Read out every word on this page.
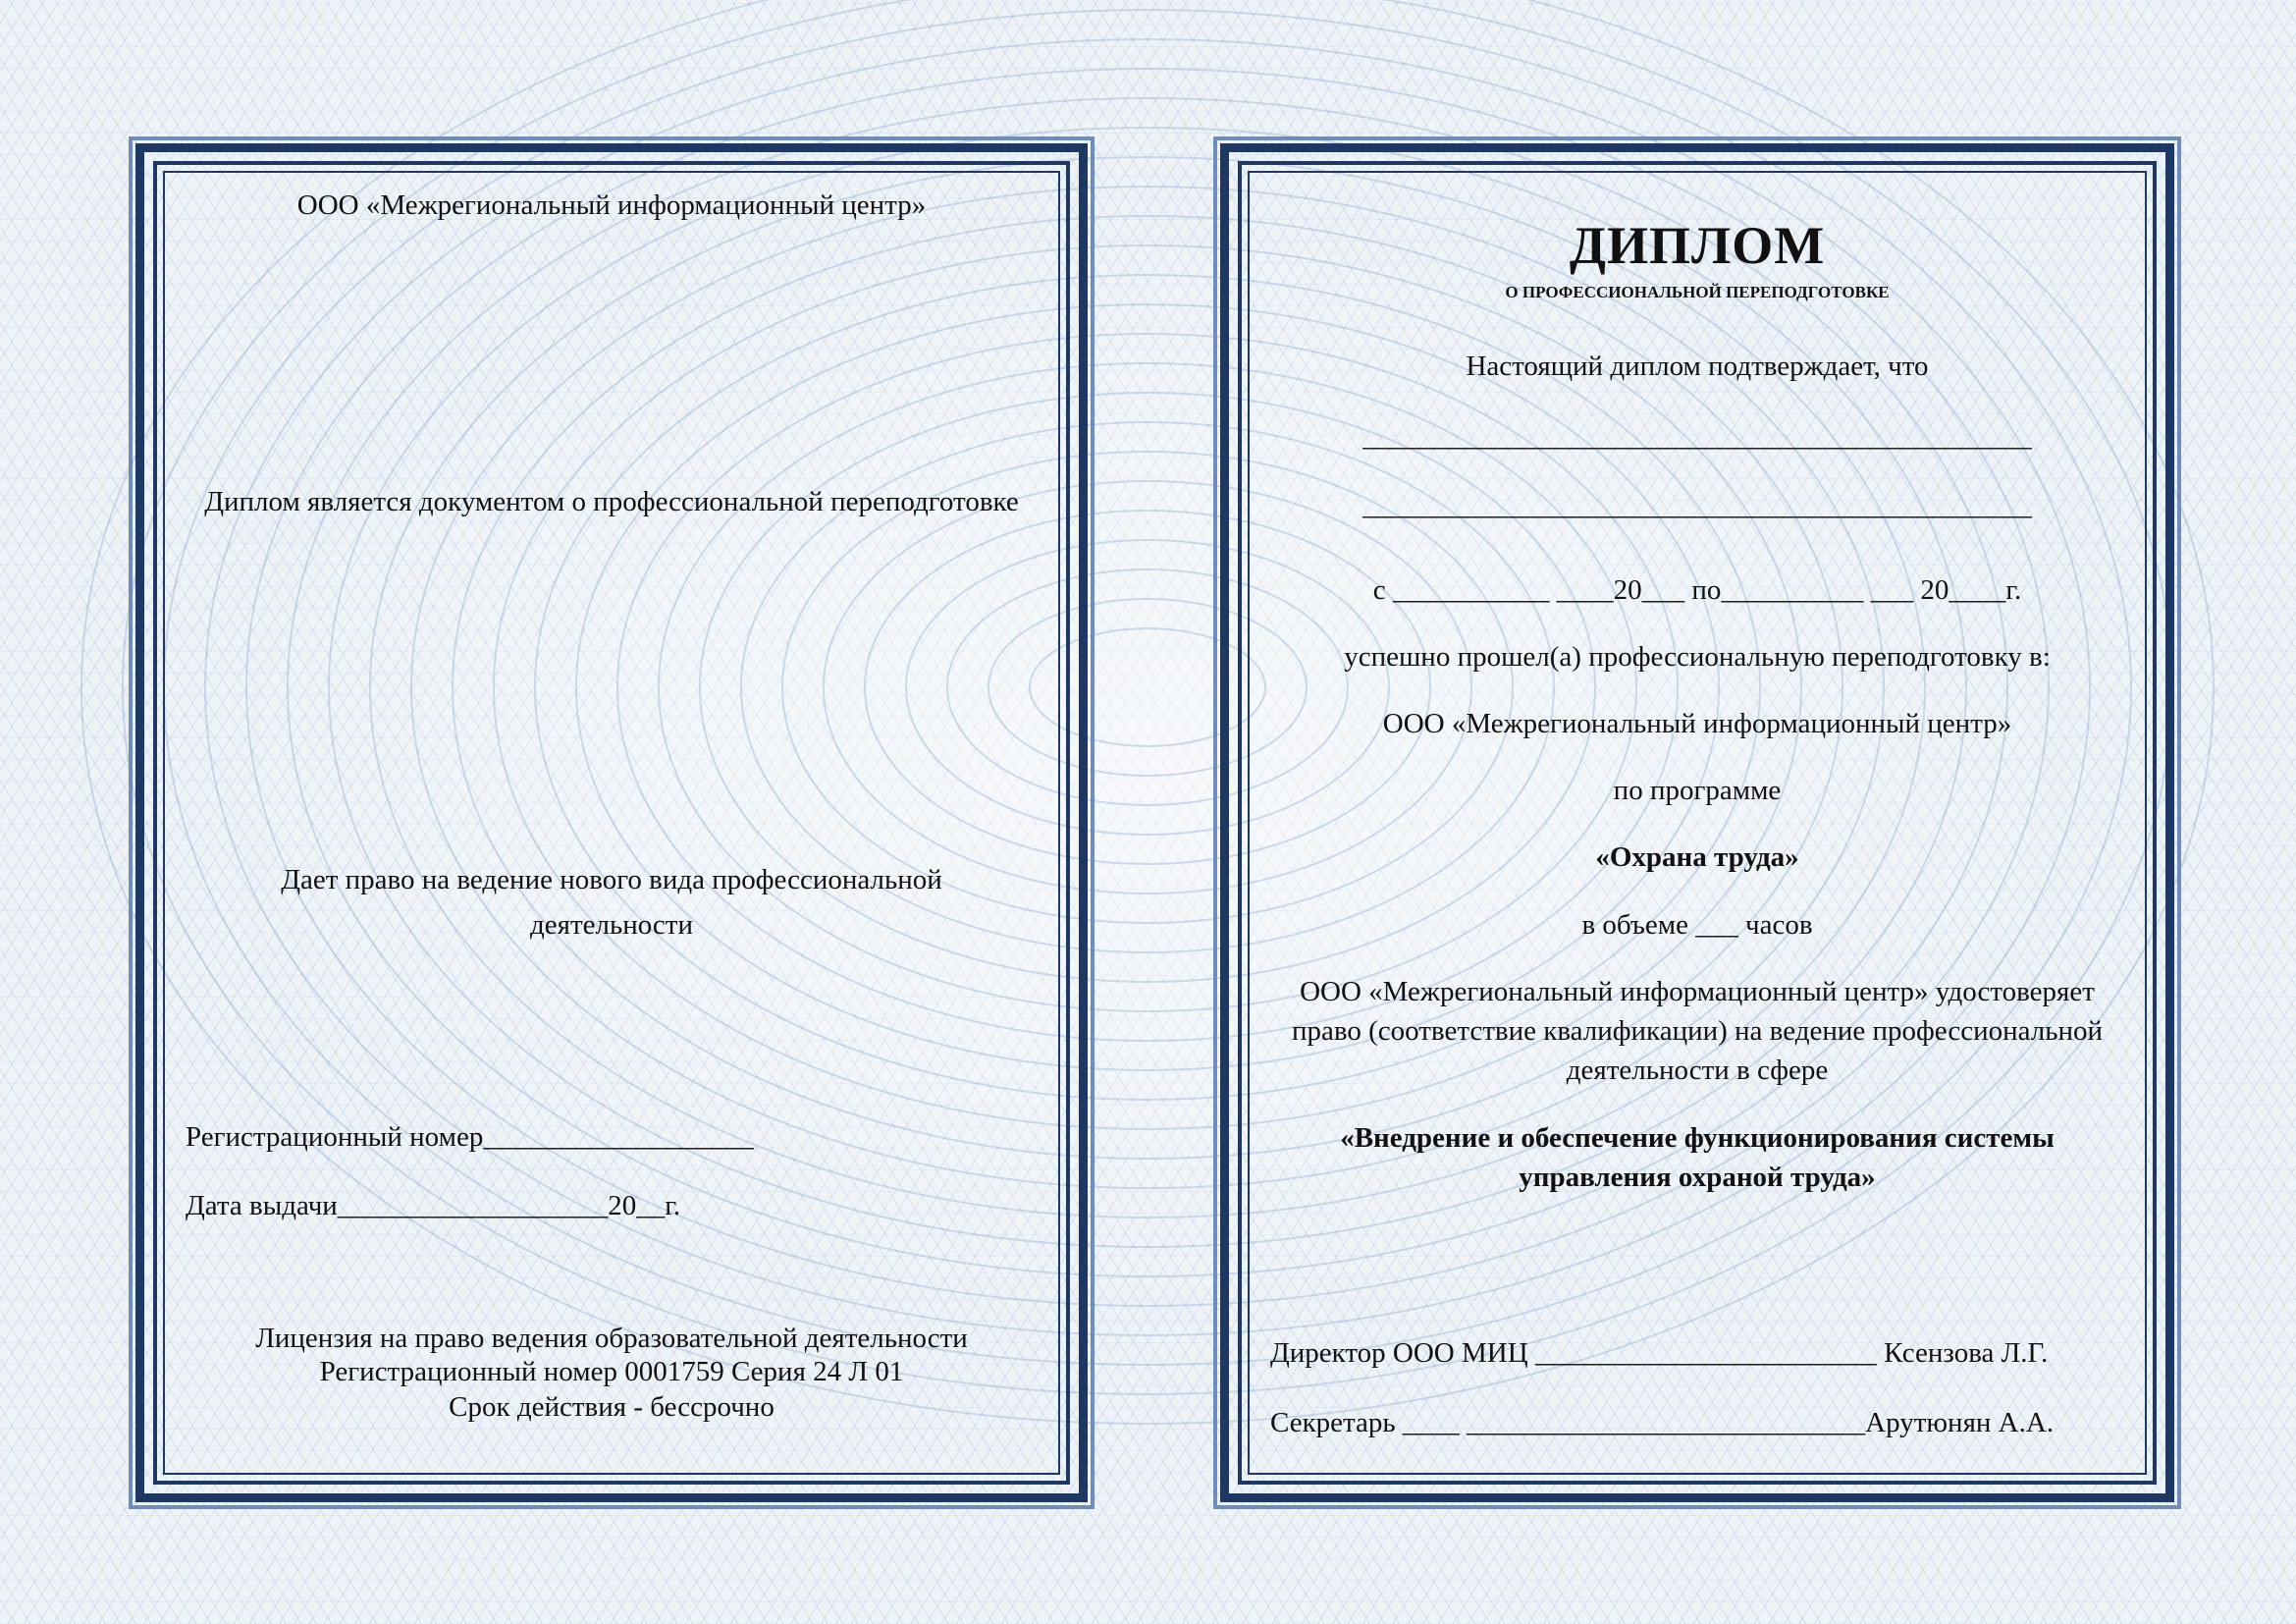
ООО «Межрегиональный информационный центр»
Диплом является документом о профессиональной переподготовке
Дает право на ведение нового вида профессиональной
деятельности
Регистрационный номер___________________
Дата выдачи___________________20__г.
Лицензия на право ведения образовательной деятельности
Регистрационный номер 0001759 Серия 24 Л 01
Срок действия - бессрочно
ДИПЛОМ
О ПРОФЕССИОНАЛЬНОЙ ПЕРЕПОДГОТОВКЕ
Настоящий диплом подтверждает, что
_______________________________________________
_______________________________________________
с ___________ ____20___ по__________ ___ 20____г.
успешно прошел(а) профессиональную переподготовку в:
ООО «Межрегиональный информационный центр»
по программе
«Охрана труда»
в объеме ___ часов
ООО «Межрегиональный информационный центр» удостоверяет
право (соответствие квалификации) на ведение профессиональной
деятельности в сфере
«Внедрение и обеспечение функционирования системы
управления охраной труда»
Директор ООО МИЦ ________________________ Ксензова Л.Г.
Секретарь ____ ____________________________Арутюнян А.А.
